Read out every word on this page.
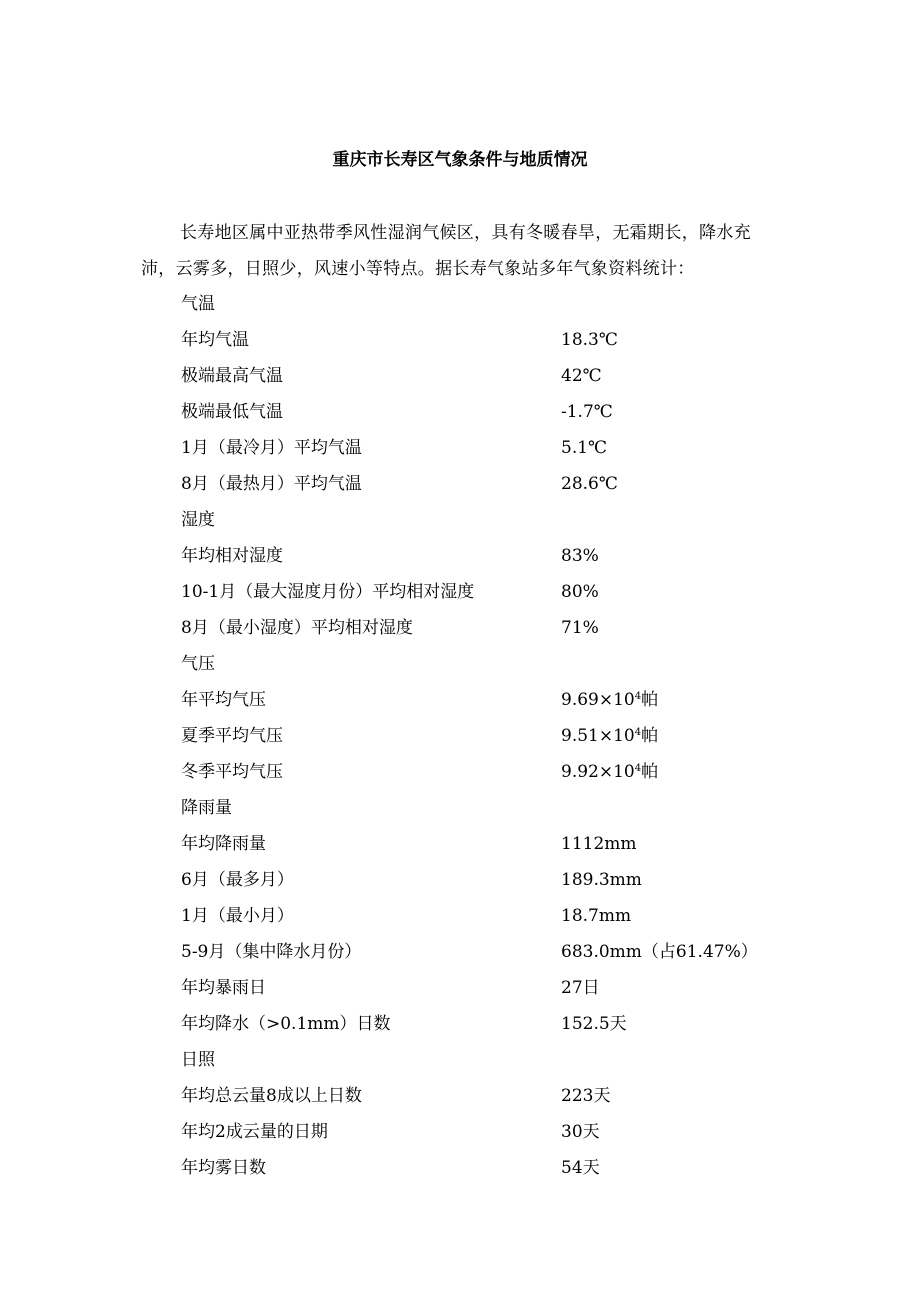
重庆市长寿区气象条件与地质情况
长寿地区属中亚热带季风性湿润气候区，具有冬暖春旱，无霜期长，降水充沛，云雾多，日照少，风速小等特点。据长寿气象站多年气象资料统计：
气温
年均气温	18.3℃
极端最高气温	42℃
极端最低气温	-1.7℃
1月（最冷月）平均气温	5.1℃
8月（最热月）平均气温	28.6℃
湿度
年均相对湿度	83%
10-1月（最大湿度月份）平均相对湿度	80%
8月（最小湿度）平均相对湿度	71%
气压
年平均气压	$9.69\times 10^4$帕
夏季平均气压	$9.51\times 10^4$帕
冬季平均气压	$9.92\times 10^4$帕
降雨量
年均降雨量	1112mm
6月（最多月）	189.3mm
1月（最小月）	18.7mm
5-9月（集中降水月份）	683.0mm（占61.47%）
年均暴雨日	27日
年均降水（>0.1mm）日数	152.5天
日照
年均总云量8成以上日数	223天
年均2成云量的日期	30天
年均雾日数	54天
